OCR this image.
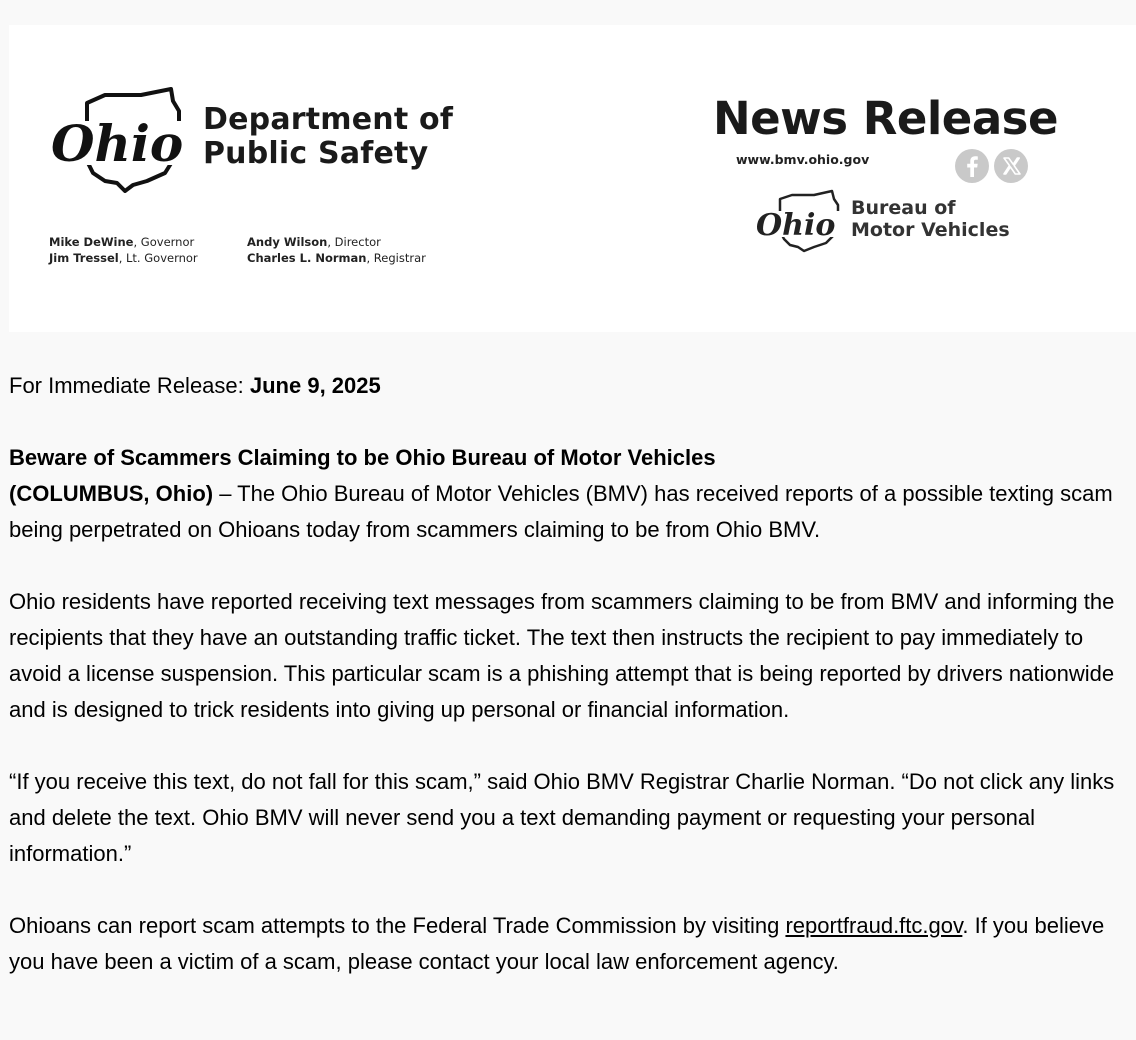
Ohio Department of
Public Safety
Mike DeWine, Governor
Jim Tressel, Lt. Governor
Andy Wilson, Director
Charles L. Norman, Registrar
News Release
www.bmv.ohio.gov
Ohio Bureau of
Motor Vehicles

For Immediate Release: June 9, 2025

Beware of Scammers Claiming to be Ohio Bureau of Motor Vehicles

(COLUMBUS, Ohio) – The Ohio Bureau of Motor Vehicles (BMV) has received reports of a possible texting scam being perpetrated on Ohioans today from scammers claiming to be from Ohio BMV.

Ohio residents have reported receiving text messages from scammers claiming to be from BMV and informing the recipients that they have an outstanding traffic ticket. The text then instructs the recipient to pay immediately to avoid a license suspension. This particular scam is a phishing attempt that is being reported by drivers nationwide and is designed to trick residents into giving up personal or financial information.

“If you receive this text, do not fall for this scam,” said Ohio BMV Registrar Charlie Norman. “Do not click any links and delete the text. Ohio BMV will never send you a text demanding payment or requesting your personal information.”

Ohioans can report scam attempts to the Federal Trade Commission by visiting reportfraud.ftc.gov. If you believe you have been a victim of a scam, please contact your local law enforcement agency.
